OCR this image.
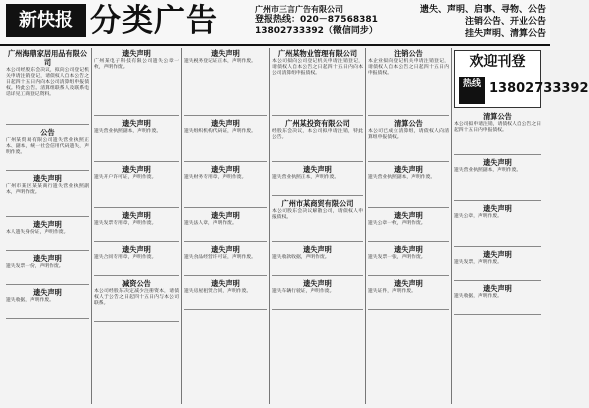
新快报 分类广告	广州市三言广告有限公司
登报热线：020－87568381
13802733392（微信同步）
遗失、声明、启事、寻物、公告
注销公告、开业公告
挂失声明、清算公告
广州海鼎家居用品有限公司
本公司经股东会决议，拟向公司登记机关申请注销登记，请债权人自本公告之日起四十五日内向本公司清算组申报债权。特此公告。清算组联系人及联系电话详见工商登记资料。
公告
广州某贸易有限公司遗失营业执照正本、副本，统一社会信用代码遗失，声明作废。
遗失声明
广州市某区某某商行遗失营业执照副本，声明作废。
遗失声明
本人遗失身份证，声明作废。
遗失声明
遗失发票一份，声明作废。
遗失声明
遗失收据，声明作废。
遗失声明
广州某电子科技有限公司遗失公章一枚，声明作废。
遗失声明
遗失营业执照副本，声明作废。
遗失声明
遗失开户许可证，声明作废。
遗失声明
遗失发票专用章，声明作废。
遗失声明
遗失合同专用章，声明作废。
减资公告
本公司经股东决定减少注册资本，请债权人于公告之日起四十五日内与本公司联系。
遗失声明
遗失税务登记证正本，声明作废。
遗失声明
遗失组织机构代码证，声明作废。
遗失声明
遗失财务专用章，声明作废。
遗失声明
遗失法人章，声明作废。
遗失声明
遗失食品经营许可证，声明作废。
遗失声明
遗失房屋租赁合同，声明作废。
广州某物业管理有限公司
本公司拟向公司登记机关申请注销登记，请债权人自本公告之日起四十五日内向本公司清算组申报债权。
广州某投资有限公司
经股东会决议，本公司拟申请注销，特此公告。
遗失声明
遗失营业执照正本，声明作废。
广州市某商贸有限公司
本公司股东会决议解散公司，请债权人申报债权。
遗失声明
遗失收款收据，声明作废。
遗失声明
遗失车辆行驶证，声明作废。
注销公告
本企业拟向登记机关申请注销登记，请债权人自本公告之日起四十五日内申报债权。
清算公告
本公司已成立清算组，请债权人向清算组申报债权。
遗失声明
遗失营业执照副本，声明作废。
遗失声明
遗失公章一枚，声明作废。
遗失声明
遗失发票一张，声明作废。
遗失声明
遗失证件，声明作废。
欢迎刊登
热线 13802733392
清算公告
本公司拟申请注销，请债权人自公告之日起四十五日内申报债权。
遗失声明
遗失营业执照副本，声明作废。
遗失声明
遗失公章，声明作废。
遗失声明
遗失发票，声明作废。
遗失声明
遗失收据，声明作废。
